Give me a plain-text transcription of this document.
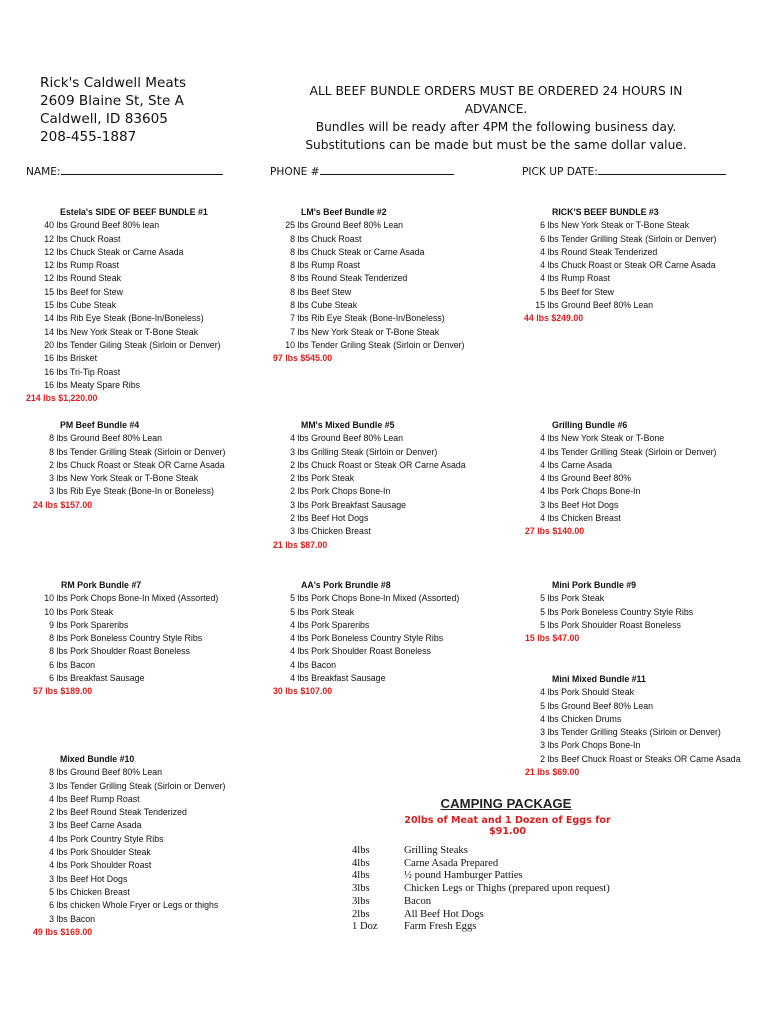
Rick's Caldwell Meats
2609 Blaine St, Ste A
Caldwell, ID 83605
208-455-1887
ALL BEEF BUNDLE ORDERS MUST BE ORDERED 24 HOURS IN ADVANCE.
Bundles will be ready after 4PM the following business day.
Substitutions can be made but must be the same dollar value.
NAME:	PHONE #	PICK UP DATE:
Estela's SIDE OF BEEF BUNDLE #1
40 lbs Ground Beef 80% lean
12 lbs Chuck Roast
12 lbs Chuck Steak or Carne Asada
12 lbs Rump Roast
12 lbs Round Steak
15 lbs Beef for Stew
15 lbs Cube Steak
14 lbs Rib Eye Steak (Bone-In/Boneless)
14 lbs New York Steak or T-Bone Steak
20 lbs Tender Giling Steak (Sirloin or Denver)
16 lbs Brisket
16 lbs Tri-Tip Roast
16 lbs Meaty Spare Ribs
214 lbs $1,220.00
LM's Beef Bundle #2
25 lbs Ground Beef 80% Lean
8 lbs Chuck Roast
8 lbs Chuck Steak or Carne Asada
8 lbs Rump Roast
8 lbs Round Steak Tenderized
8 lbs Beef Stew
8 lbs Cube Steak
7 lbs Rib Eye Steak (Bone-In/Boneless)
7 lbs New York Steak or T-Bone Steak
10 lbs Tender Griling Steak (Sirloin or Denver)
97 lbs $545.00
RICK'S BEEF BUNDLE #3
6 lbs New York Steak or T-Bone Steak
6 lbs Tender Grilling Steak (Sirloin or Denver)
4 lbs Round Steak Tenderized
4 lbs Chuck Roast or Steak OR Carne Asada
4 lbs Rump Roast
5 lbs Beef for Stew
15 lbs Ground Beef 80% Lean
44 lbs $249.00
PM Beef Bundle #4
8 lbs Ground Beef 80% Lean
8 lbs Tender Grilling Steak (Sirloin or Denver)
2 lbs Chuck Roast or Steak OR Carne Asada
3 lbs New York Steak or T-Bone Steak
3 lbs Rib Eye Steak (Bone-In or Boneless)
24 lbs $157.00
MM's Mixed Bundle #5
4 lbs Ground Beef 80% Lean
3 lbs Grilling Steak (Sirloin or Denver)
2 lbs Chuck Roast or Steak OR Carne Asada
2 lbs Pork Steak
2 lbs Pork Chops Bone-In
3 lbs Pork Breakfast Sausage
2 lbs Beef Hot Dogs
3 lbs Chicken Breast
21 lbs $87.00
Grilling Bundle #6
4 lbs New York Steak or T-Bone
4 lbs Tender Grilling Steak (Sirloin or Denver)
4 lbs Carne Asada
4 lbs Ground Beef 80%
4 lbs Pork Chops Bone-In
3 lbs Beef Hot Dogs
4 lbs Chicken Breast
27 lbs $140.00
RM Pork Bundle #7
10 lbs Pork Chops Bone-In Mixed (Assorted)
10 lbs Pork Steak
9 lbs Pork Spareribs
8 lbs Pork Boneless Country Style Ribs
8 lbs Pork Shoulder Roast Boneless
6 lbs Bacon
6 lbs Breakfast Sausage
57 lbs $189.00
AA's Pork Brundle #8
5 lbs Pork Chops Bone-In Mixed (Assorted)
5 lbs Pork Steak
4 lbs Pork Spareribs
4 lbs Pork Boneless Country Style Ribs
4 lbs Pork Shoulder Roast Boneless
4 lbs Bacon
4 lbs Breakfast Sausage
30 lbs $107.00
Mini Pork Bundle #9
5 lbs Pork Steak
5 lbs Pork Boneless Country Style Ribs
5 lbs Pork Shoulder Roast Boneless
15 lbs $47.00
Mini Mixed Bundle #11
4 lbs Pork Should Steak
5 lbs Ground Beef 80% Lean
4 lbs Chicken Drums
3 lbs Tender Grilling Steaks (Sirloin or Denver)
3 lbs Pork Chops Bone-In
2 lbs Beef Chuck Roast or Steaks OR Carne Asada
21 lbs $69.00
Mixed Bundle #10
8 lbs Ground Beef 80% Lean
3 lbs Tender Grilling Steak (Sirloin or Denver)
4 lbs Beef Rump Roast
2 lbs Beef Round Steak Tenderized
3 lbs Beef Carne Asada
4 lbs Pork Country Style Ribs
4 lbs Pork Shoulder Steak
4 lbs Pork Shoulder Roast
3 lbs Beef Hot Dogs
5 lbs Chicken Breast
6 lbs chicken Whole Fryer or Legs or thighs
3 lbs Bacon
49 lbs $169.00
CAMPING PACKAGE
20lbs of Meat and 1 Dozen of Eggs for $91.00
4lbs	Grilling Steaks
4lbs	Carne Asada Prepared
4lbs	½ pound Hamburger Patties
3lbs	Chicken Legs or Thighs (prepared upon request)
3lbs	Bacon
2lbs	All Beef Hot Dogs
1 Doz	Farm Fresh Eggs
